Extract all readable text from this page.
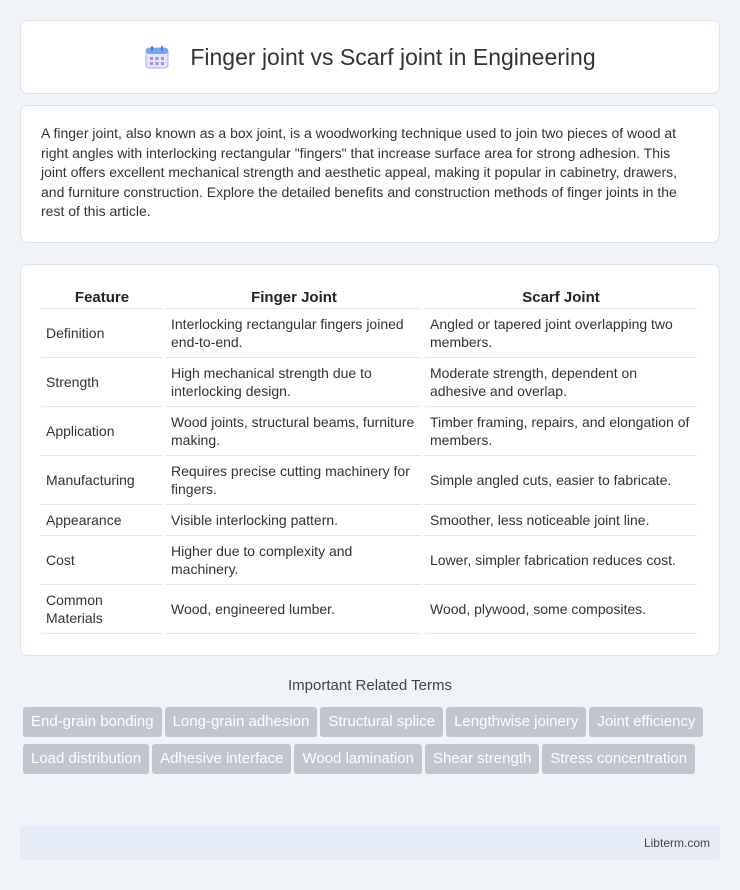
Finger joint vs Scarf joint in Engineering

A finger joint, also known as a box joint, is a woodworking technique used to join two pieces of wood at right angles with interlocking rectangular "fingers" that increase surface area for strong adhesion. This joint offers excellent mechanical strength and aesthetic appeal, making it popular in cabinetry, drawers, and furniture construction. Explore the detailed benefits and construction methods of finger joints in the rest of this article.

Feature	Finger Joint	Scarf Joint
Definition	Interlocking rectangular fingers joined end-to-end.	Angled or tapered joint overlapping two members.
Strength	High mechanical strength due to interlocking design.	Moderate strength, dependent on adhesive and overlap.
Application	Wood joints, structural beams, furniture making.	Timber framing, repairs, and elongation of members.
Manufacturing	Requires precise cutting machinery for fingers.	Simple angled cuts, easier to fabricate.
Appearance	Visible interlocking pattern.	Smoother, less noticeable joint line.
Cost	Higher due to complexity and machinery.	Lower, simpler fabrication reduces cost.
Common Materials	Wood, engineered lumber.	Wood, plywood, some composites.
Important Related Terms
End-grain bonding Long-grain adhesion Structural splice Lengthwise joinery Joint efficiencyLoad distribution Adhesive interface Wood lamination Shear strength Stress concentration
Libterm.com
